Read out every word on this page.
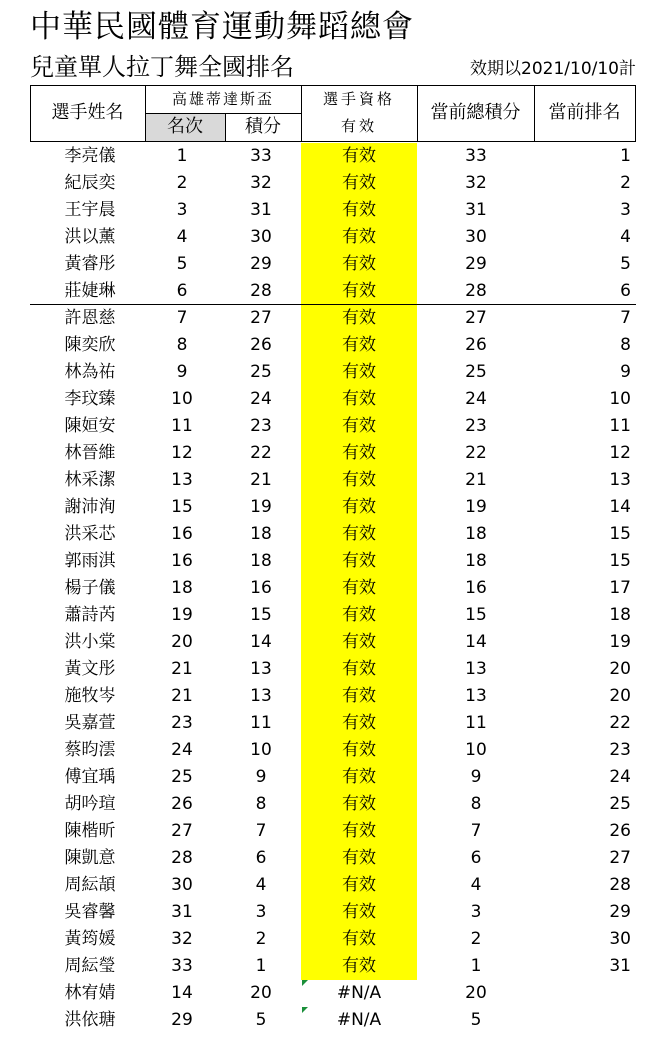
中華民國體育運動舞蹈總會
兒童單人拉丁舞全國排名	效期以2021/10/10計
選手姓名
高雄蒂達斯盃
名次	積分
選手資格
有效
當前總積分	當前排名
李亮儀	1	33	有效	33	1
紀辰奕	2	32	有效	32	2
王宇晨	3	31	有效	31	3
洪以薰	4	30	有效	30	4
黃睿彤	5	29	有效	29	5
莊婕琳	6	28	有效	28	6
許恩慈	7	27	有效	27	7
陳奕欣	8	26	有效	26	8
林為祐	9	25	有效	25	9
李玟臻	10	24	有效	24	10
陳姮安	11	23	有效	23	11
林晉維	12	22	有效	22	12
林采潔	13	21	有效	21	13
謝沛洵	15	19	有效	19	14
洪采芯	16	18	有效	18	15
郭雨淇	16	18	有效	18	15
楊子儀	18	16	有效	16	17
蕭詩芮	19	15	有效	15	18
洪小棠	20	14	有效	14	19
黃文彤	21	13	有效	13	20
施牧岑	21	13	有效	13	20
吳嘉萱	23	11	有效	11	22
蔡昀澐	24	10	有效	10	23
傅宜瑀	25	9	有效	9	24
胡吟瑄	26	8	有效	8	25
陳楷昕	27	7	有效	7	26
陳凱意	28	6	有效	6	27
周紜頡	30	4	有效	4	28
吳睿馨	31	3	有效	3	29
黃筠媛	32	2	有效	2	30
周紜瑩	33	1	有效	1	31
林宥婧	14	20	#N/A	20
洪依瑭	29	5	#N/A	5
